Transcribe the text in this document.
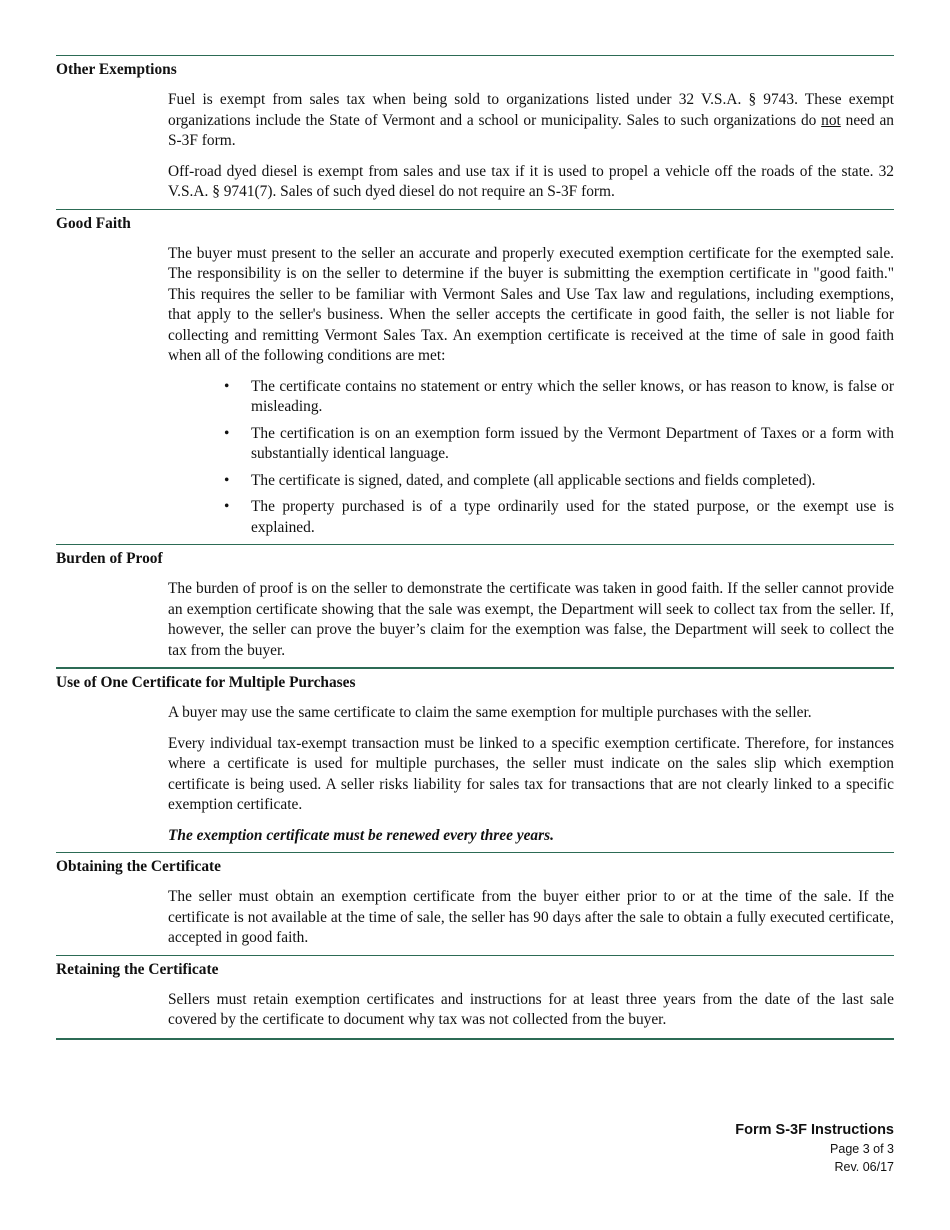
Other Exemptions

Fuel is exempt from sales tax when being sold to organizations listed under 32 V.S.A. § 9743. These exempt organizations include the State of Vermont and a school or municipality. Sales to such organizations do not need an S-3F form.

Off-road dyed diesel is exempt from sales and use tax if it is used to propel a vehicle off the roads of the state. 32 V.S.A. § 9741(7). Sales of such dyed diesel do not require an S-3F form.

Good Faith

The buyer must present to the seller an accurate and properly executed exemption certificate for the exempted sale. The responsibility is on the seller to determine if the buyer is submitting the exemption certificate in "good faith." This requires the seller to be familiar with Vermont Sales and Use Tax law and regulations, including exemptions, that apply to the seller's business. When the seller accepts the certificate in good faith, the seller is not liable for collecting and remitting Vermont Sales Tax. An exemption certificate is received at the time of sale in good faith when all of the following conditions are met:

• The certificate contains no statement or entry which the seller knows, or has reason to know, is false or misleading.
• The certification is on an exemption form issued by the Vermont Department of Taxes or a form with substantially identical language.
• The certificate is signed, dated, and complete (all applicable sections and fields completed).
• The property purchased is of a type ordinarily used for the stated purpose, or the exempt use is explained.
Burden of Proof

The burden of proof is on the seller to demonstrate the certificate was taken in good faith. If the seller cannot provide an exemption certificate showing that the sale was exempt, the Department will seek to collect tax from the seller. If, however, the seller can prove the buyer’s claim for the exemption was false, the Department will seek to collect the tax from the buyer.

Use of One Certificate for Multiple Purchases

A buyer may use the same certificate to claim the same exemption for multiple purchases with the seller.

Every individual tax-exempt transaction must be linked to a specific exemption certificate. Therefore, for instances where a certificate is used for multiple purchases, the seller must indicate on the sales slip which exemption certificate is being used. A seller risks liability for sales tax for transactions that are not clearly linked to a specific exemption certificate.

The exemption certificate must be renewed every three years.

Obtaining the Certificate

The seller must obtain an exemption certificate from the buyer either prior to or at the time of the sale. If the certificate is not available at the time of sale, the seller has 90 days after the sale to obtain a fully executed certificate, accepted in good faith.

Retaining the Certificate

Sellers must retain exemption certificates and instructions for at least three years from the date of the last sale covered by the certificate to document why tax was not collected from the buyer.

Form S-3F Instructions
Page 3 of 3
Rev. 06/17
